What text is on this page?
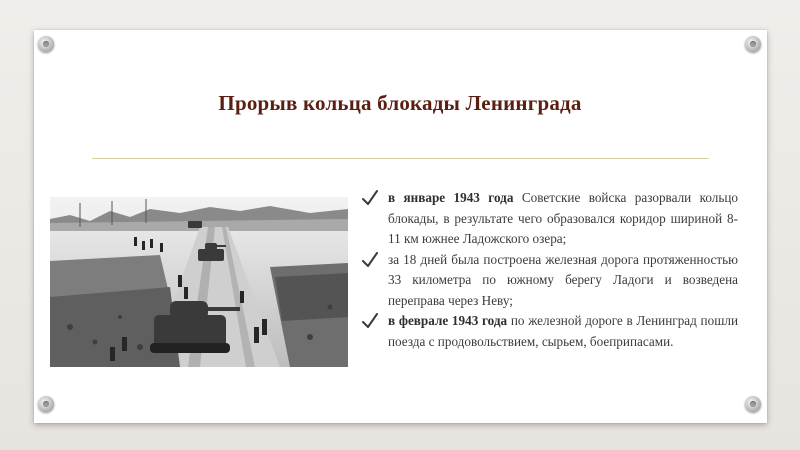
Прорыв кольца блокады Ленинграда
в январе 1943 года Советские войска разорвали кольцо блокады, в результате чего образовался коридор шириной 8-11 км южнее Ладожского озера;
за 18 дней была построена железная дорога протяженностью 33 километра по южному берегу Ладоги и возведена переправа через Неву;
в феврале 1943 года по железной дороге в Ленинград пошли поезда с продовольствием, сырьем, боеприпасами.
